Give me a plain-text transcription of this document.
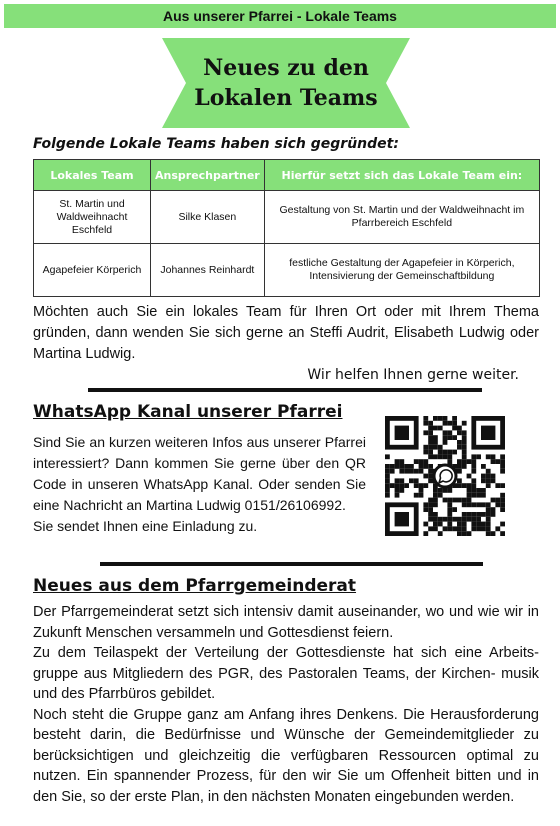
Aus unserer Pfarrei - Lokale Teams
Neues zu den
Lokalen Teams
Folgende Lokale Teams haben sich gegründet:
Lokales Team	Ansprechpartner	Hierfür setzt sich das Lokale Team ein:
St. Martin und Waldweihnacht Eschfeld	Silke Klasen	Gestaltung von St. Martin und der Waldweihnacht im Pfarrbereich Eschfeld
Agapefeier Körperich	Johannes Reinhardt	festliche Gestaltung der Agapefeier in Körperich, Intensivierung der Gemeinschaftbildung
Möchten auch Sie ein lokales Team für Ihren Ort oder mit Ihrem Thema gründen, dann wenden Sie sich gerne an Steffi Audrit, Elisabeth Ludwig oder Martina Ludwig.
Wir helfen Ihnen gerne weiter.
WhatsApp Kanal unserer Pfarrei
Sind Sie an kurzen weiteren Infos aus unserer Pfarrei interessiert? Dann kommen Sie gerne über den QR Code in unseren WhatsApp Kanal. Oder senden Sie eine Nachricht an Martina Ludwig 0151/26106992.
Sie sendet Ihnen eine Einladung zu.
Neues aus dem Pfarrgemeinderat

Der Pfarrgemeinderat setzt sich intensiv damit auseinander, wo und wie wir in Zukunft Menschen versammeln und Gottesdienst feiern.

Zu dem Teilaspekt der Verteilung der Gottesdienste hat sich eine Arbeits- gruppe aus Mitgliedern des PGR, des Pastoralen Teams, der Kirchen- musik und des Pfarrbüros gebildet.

Noch steht die Gruppe ganz am Anfang ihres Denkens. Die Herausforderung besteht darin, die Bedürfnisse und Wünsche der Gemeindemitglieder zu berücksichtigen und gleichzeitig die verfügbaren Ressourcen optimal zu nutzen. Ein spannender Prozess, für den wir Sie um Offenheit bitten und in den Sie, so der erste Plan, in den nächsten Monaten eingebunden werden.
